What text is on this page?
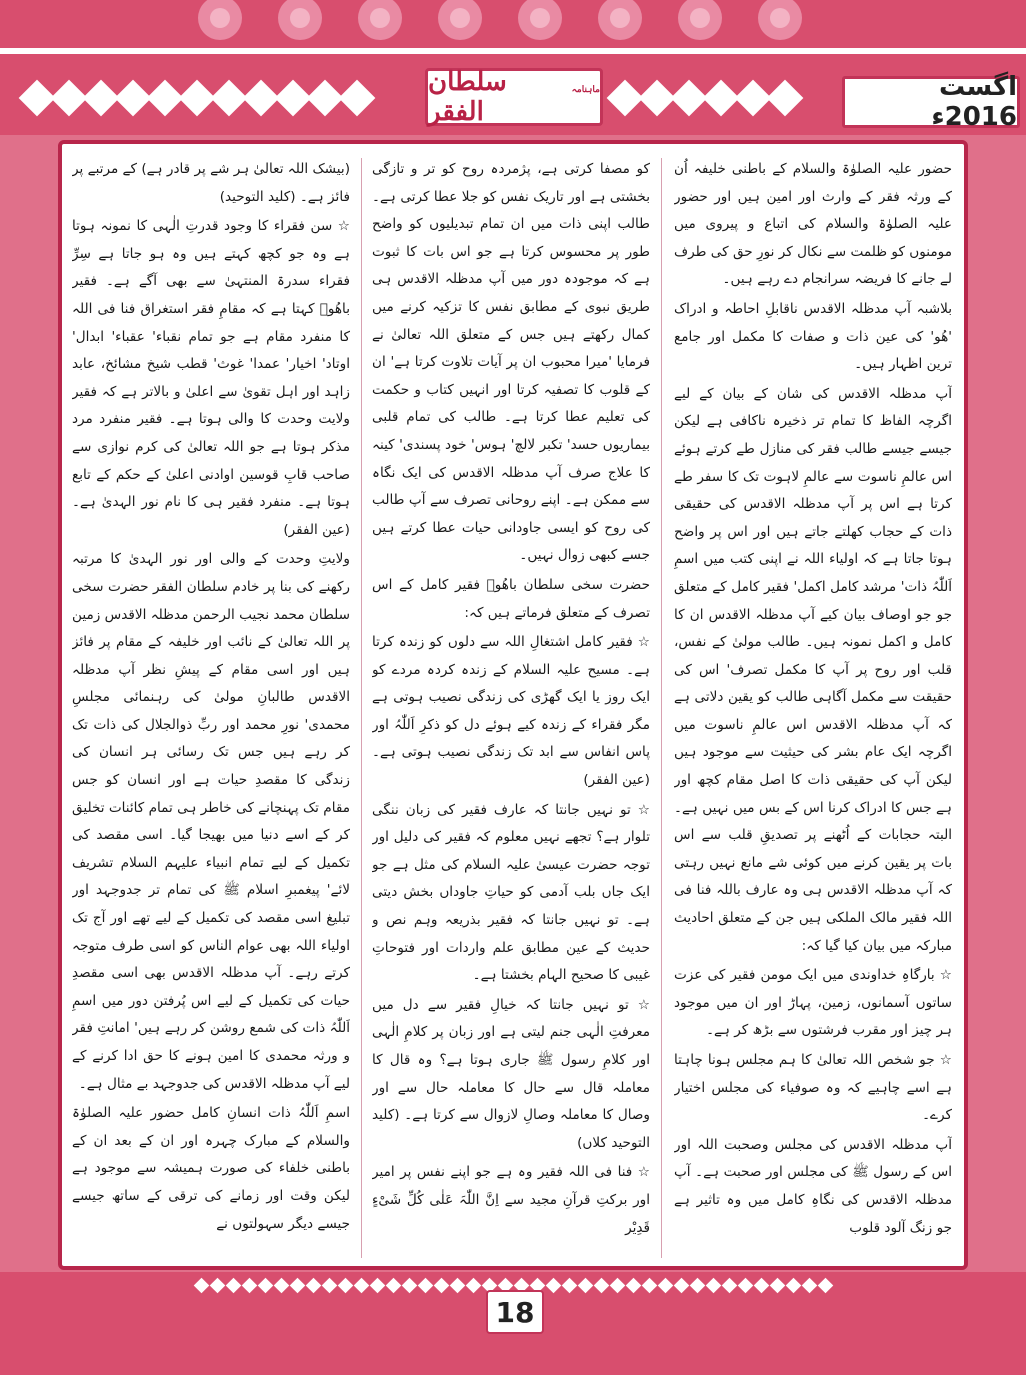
سلطان الفقر
ماہنامہ	اگست 2016ء

حضور علیہ الصلوٰۃ والسلام کے باطنی خلیفہ اُن کے ورثہ فقر کے وارث اور امین ہیں اور حضور علیہ الصلوٰۃ والسلام کی اتباع و پیروی میں مومنوں کو ظلمت سے نکال کر نورِ حق کی طرف لے جانے کا فریضہ سرانجام دے رہے ہیں۔

بلاشبہ آپ مدظلہ الاقدس ناقابلِ احاطہ و ادراک 'ھُو' کی عین ذات و صفات کا مکمل اور جامع ترین اظہار ہیں۔

آپ مدظلہ الاقدس کی شان کے بیان کے لیے اگرچہ الفاظ کا تمام تر ذخیرہ ناکافی ہے لیکن جیسے جیسے طالب فقر کی منازل طے کرتے ہوئے اس عالمِ ناسوت سے عالمِ لاہوت تک کا سفر طے کرتا ہے اس پر آپ مدظلہ الاقدس کی حقیقی ذات کے حجاب کھلتے جاتے ہیں اور اس پر واضح ہوتا جاتا ہے کہ اولیاء اللہ نے اپنی کتب میں اسمِ اَللّٰہُ ذات' مرشد کامل اکمل' فقیر کامل کے متعلق جو جو اوصاف بیان کیے آپ مدظلہ الاقدس ان کا کامل و اکمل نمونہ ہیں۔ طالب مولیٰ کے نفس، قلب اور روح پر آپ کا مکمل تصرف' اس کی حقیقت سے مکمل آگاہی طالب کو یقین دلاتی ہے کہ آپ مدظلہ الاقدس اس عالمِ ناسوت میں اگرچہ ایک عام بشر کی حیثیت سے موجود ہیں لیکن آپ کی حقیقی ذات کا اصل مقام کچھ اور ہے جس کا ادراک کرنا اس کے بس میں نہیں ہے۔ البتہ حجابات کے اُٹھنے پر تصدیقِ قلب سے اس بات پر یقین کرنے میں کوئی شے مانع نہیں رہتی کہ آپ مدظلہ الاقدس ہی وہ عارف باللہ فنا فی اللہ فقیر مالک الملکی ہیں جن کے متعلق احادیث مبارکہ میں بیان کیا گیا کہ:

☆ بارگاہِ خداوندی میں ایک مومن فقیر کی عزت ساتوں آسمانوں، زمین، پہاڑ اور ان میں موجود ہر چیز اور مقرب فرشتوں سے بڑھ کر ہے۔

☆ جو شخص اللہ تعالیٰ کا ہم مجلس ہونا چاہتا ہے اسے چاہیے کہ وہ صوفیاء کی مجلس اختیار کرے۔

آپ مدظلہ الاقدس کی مجلس وصحبت اللہ اور اس کے رسول ﷺ کی مجلس اور صحبت ہے۔ آپ مدظلہ الاقدس کی نگاہِ کامل میں وہ تاثیر ہے جو زنگ آلود قلوب

کو مصفا کرتی ہے، پژمردہ روح کو تر و تازگی بخشتی ہے اور تاریک نفس کو جلا عطا کرتی ہے۔ طالب اپنی ذات میں ان تمام تبدیلیوں کو واضح طور پر محسوس کرتا ہے جو اس بات کا ثبوت ہے کہ موجودہ دور میں آپ مدظلہ الاقدس ہی طریق نبوی کے مطابق نفس کا تزکیہ کرنے میں کمال رکھتے ہیں جس کے متعلق اللہ تعالیٰ نے فرمایا 'میرا محبوب ان پر آیات تلاوت کرتا ہے' ان کے قلوب کا تصفیہ کرتا اور انہیں کتاب و حکمت کی تعلیم عطا کرتا ہے۔ طالب کی تمام قلبی بیماریوں حسد' تکبر لالچ' ہوس' خود پسندی' کینہ کا علاج صرف آپ مدظلہ الاقدس کی ایک نگاہ سے ممکن ہے۔ اپنے روحانی تصرف سے آپ طالب کی روح کو ایسی جاودانی حیات عطا کرتے ہیں جسے کبھی زوال نہیں۔

حضرت سخی سلطان باھُوؒ فقیر کامل کے اس تصرف کے متعلق فرماتے ہیں کہ:

☆ فقیر کامل اشتغالِ اللہ سے دلوں کو زندہ کرتا ہے۔ مسیح علیہ السلام کے زندہ کردہ مردے کو ایک روز یا ایک گھڑی کی زندگی نصیب ہوتی ہے مگر فقراء کے زندہ کیے ہوئے دل کو ذکرِ اَللّٰہُ اور پاس انفاس سے ابد تک زندگی نصیب ہوتی ہے۔ (عین الفقر)

☆ تو نہیں جانتا کہ عارف فقیر کی زبان ننگی تلوار ہے؟ تجھے نہیں معلوم کہ فقیر کی دلیل اور توجہ حضرت عیسیٰ علیہ السلام کی مثل ہے جو ایک جاں بلب آدمی کو حیاتِ جاوداں بخش دیتی ہے۔ تو نہیں جانتا کہ فقیر بذریعہ وہم نص و حدیث کے عین مطابق علم واردات اور فتوحاتِ غیبی کا صحیح الہام بخشتا ہے۔

☆ تو نہیں جانتا کہ خیالِ فقیر سے دل میں معرفتِ الٰہی جنم لیتی ہے اور زبان پر کلامِ الٰہی اور کلامِ رسول ﷺ جاری ہوتا ہے؟ وہ قال کا معاملہ قال سے حال کا معاملہ حال سے اور وصال کا معاملہ وصالِ لازوال سے کرتا ہے۔ (کلید التوحید کلاں)

☆ فنا فی اللہ فقیر وہ ہے جو اپنے نفس پر امیر اور برکتِ قرآنِ مجید سے اِنَّ اللّٰہَ عَلٰی کُلِّ شَیْءٍ قَدِیْر

(بیشک اللہ تعالیٰ ہر شے پر قادر ہے) کے مرتبے پر فائز ہے۔ (کلید التوحید)

☆ سن فقراء کا وجود قدرتِ الٰہی کا نمونہ ہوتا ہے وہ جو کچھ کہتے ہیں وہ ہو جاتا ہے سِرِّ فقراء سدرۃ المنتہیٰ سے بھی آگے ہے۔ فقیر باھُوؒ کہتا ہے کہ مقامِ فقر استغراق فنا فی اللہ کا منفرد مقام ہے جو تمام نقباء' عقباء' ابدال' اوتاد' اخیار' عمدا' غوث' قطب شیخ مشائخ، عابد زاہد اور اہل تقویٰ سے اعلیٰ و بالاتر ہے کہ فقیر ولایت وحدت کا والی ہوتا ہے۔ فقیر منفرد مرد مذکر ہوتا ہے جو اللہ تعالیٰ کی کرم نوازی سے صاحب قابِ قوسین اوادنی اعلیٰ کے حکم کے تابع ہوتا ہے۔ منفرد فقیر ہی کا نام نور الہدیٰ ہے۔ (عین الفقر)

ولایتِ وحدت کے والی اور نور الہدیٰ کا مرتبہ رکھنے کی بنا پر خادم سلطان الفقر حضرت سخی سلطان محمد نجیب الرحمن مدظلہ الاقدس زمین پر اللہ تعالیٰ کے نائب اور خلیفہ کے مقام پر فائز ہیں اور اسی مقام کے پیشِ نظر آپ مدظلہ الاقدس طالبانِ مولیٰ کی رہنمائی مجلسِ محمدی' نورِ محمد اور ربِّ ذوالجلال کی ذات تک کر رہے ہیں جس تک رسائی ہر انسان کی زندگی کا مقصدِ حیات ہے اور انسان کو جس مقام تک پہنچانے کی خاطر ہی تمام کائنات تخلیق کر کے اسے دنیا میں بھیجا گیا۔ اسی مقصد کی تکمیل کے لیے تمام انبیاء علیہم السلام تشریف لائے' پیغمبرِ اسلام ﷺ کی تمام تر جدوجہد اور تبلیغ اسی مقصد کی تکمیل کے لیے تھے اور آج تک اولیاء اللہ بھی عوام الناس کو اسی طرف متوجہ کرتے رہے۔ آپ مدظلہ الاقدس بھی اسی مقصدِ حیات کی تکمیل کے لیے اس پُرفتن دور میں اسمِ اَللّٰہُ ذات کی شمع روشن کر رہے ہیں' امانتِ فقر و ورثہ محمدی کا امین ہونے کا حق ادا کرنے کے لیے آپ مدظلہ الاقدس کی جدوجہد بے مثال ہے۔

اسمِ اَللّٰہُ ذات انسانِ کامل حضور علیہ الصلوٰۃ والسلام کے مبارک چہرہ اور ان کے بعد ان کے باطنی خلفاء کی صورت ہمیشہ سے موجود ہے لیکن وقت اور زمانے کی ترقی کے ساتھ جیسے جیسے دیگر سہولتوں نے

18
